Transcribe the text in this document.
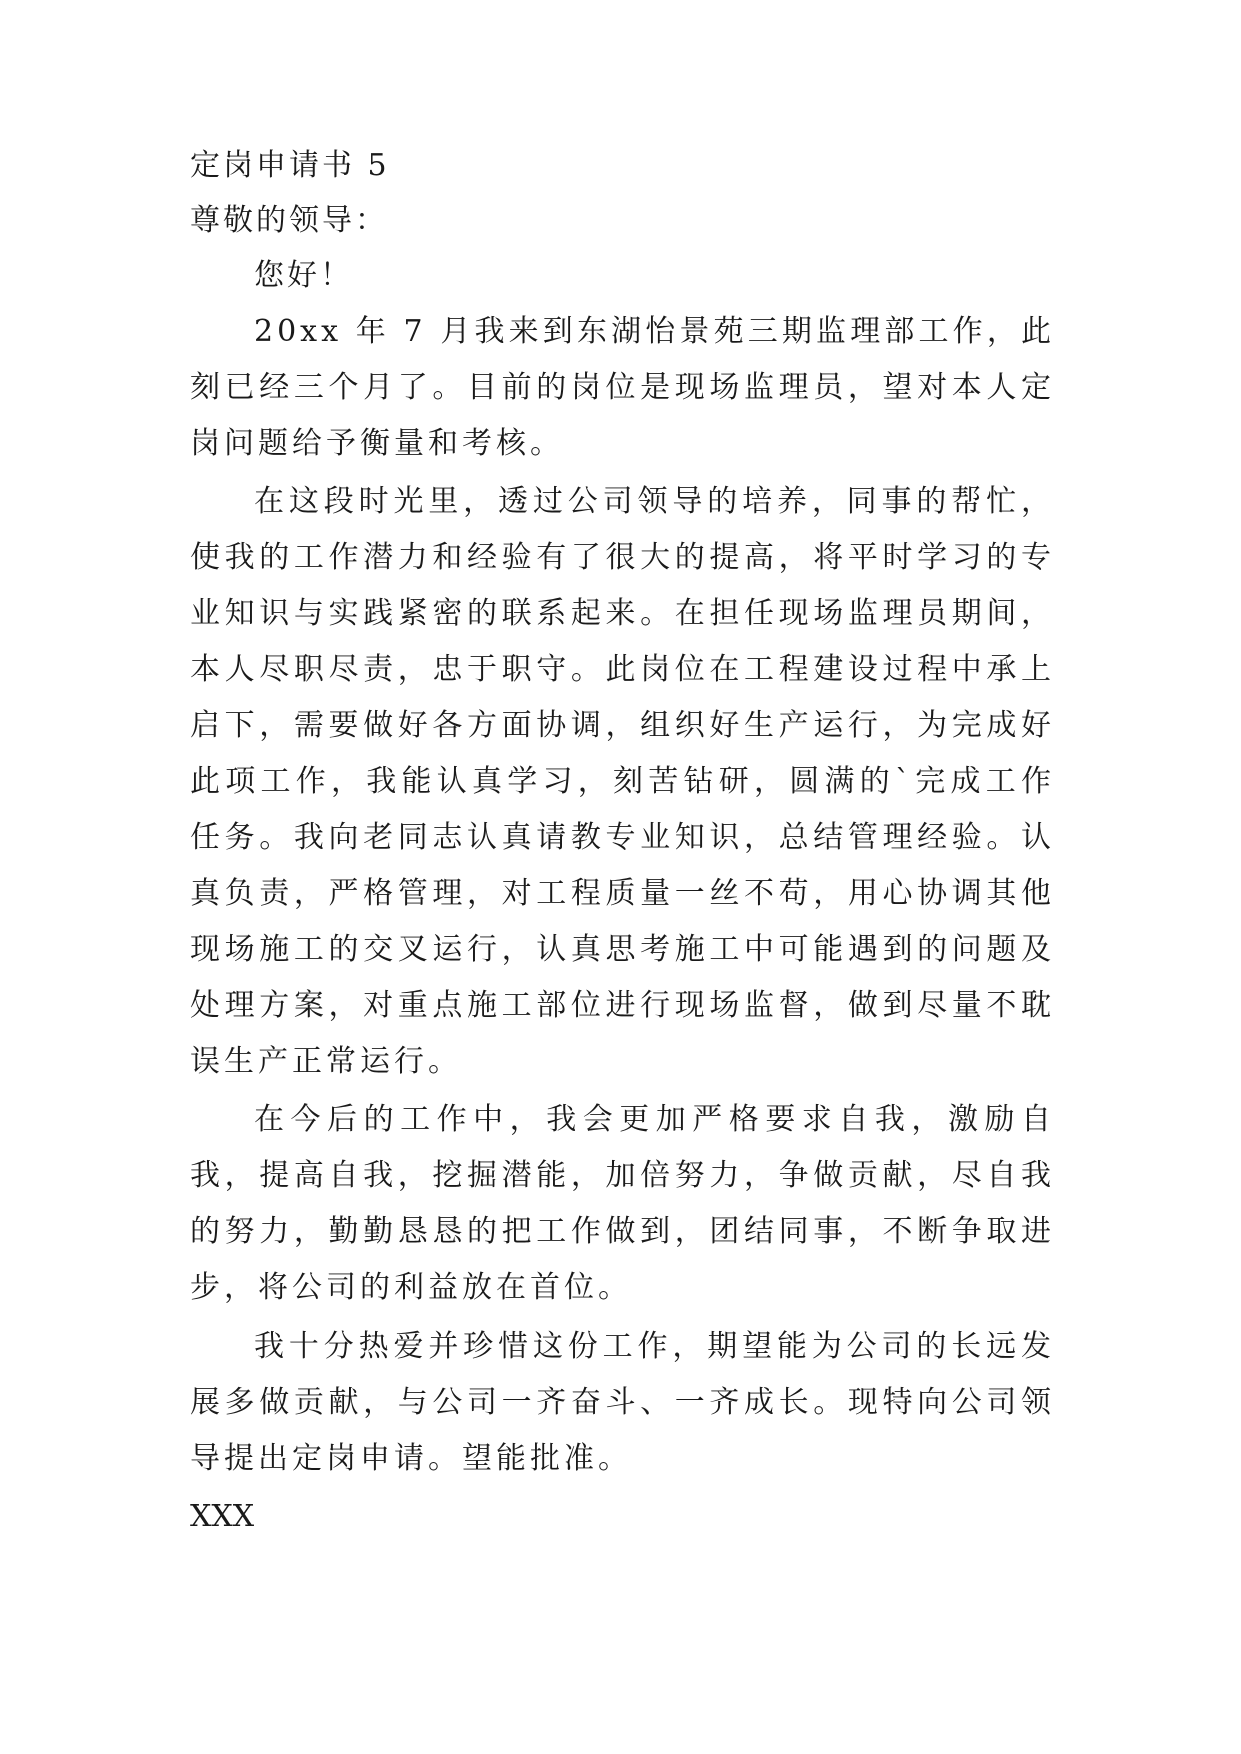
定岗申请书 5
尊敬的领导：
您好！
20xx 年 7 月我来到东湖怡景苑三期监理部工作，此刻已经三个月了。目前的岗位是现场监理员，望对本人定岗问题给予衡量和考核。
在这段时光里，透过公司领导的培养，同事的帮忙，使我的工作潜力和经验有了很大的提高，将平时学习的专业知识与实践紧密的联系起来。在担任现场监理员期间，本人尽职尽责，忠于职守。此岗位在工程建设过程中承上启下，需要做好各方面协调，组织好生产运行，为完成好此项工作，我能认真学习，刻苦钻研，圆满的`完成工作任务。我向老同志认真请教专业知识，总结管理经验。认真负责，严格管理，对工程质量一丝不苟，用心协调其他现场施工的交叉运行，认真思考施工中可能遇到的问题及处理方案，对重点施工部位进行现场监督，做到尽量不耽误生产正常运行。
在今后的工作中，我会更加严格要求自我，激励自我，提高自我，挖掘潜能，加倍努力，争做贡献，尽自我的努力，勤勤恳恳的把工作做到，团结同事，不断争取进步，将公司的利益放在首位。
我十分热爱并珍惜这份工作，期望能为公司的长远发展多做贡献，与公司一齐奋斗、一齐成长。现特向公司领导提出定岗申请。望能批准。
XXX
